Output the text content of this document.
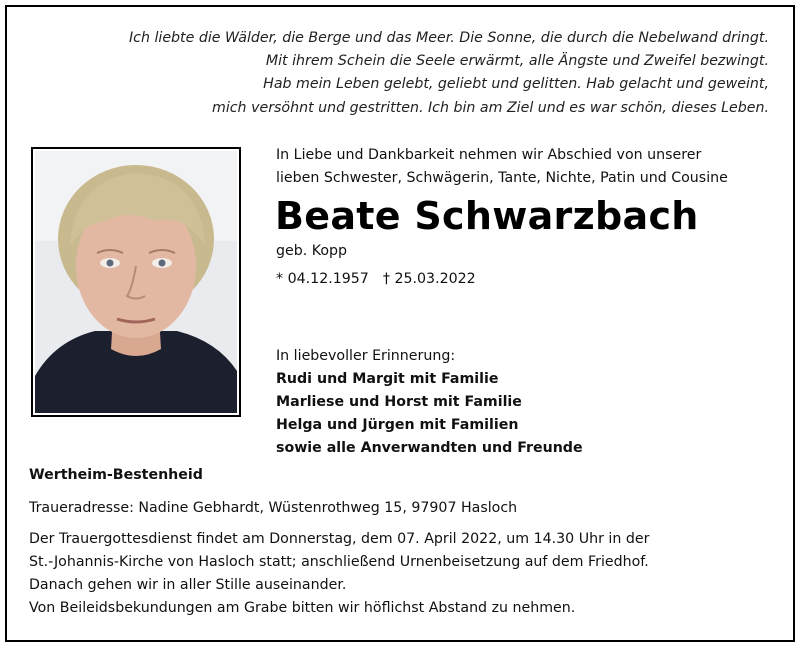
Ich liebte die Wälder, die Berge und das Meer. Die Sonne, die durch die Nebelwand dringt.
Mit ihrem Schein die Seele erwärmt, alle Ängste und Zweifel bezwingt.
Hab mein Leben gelebt, geliebt und gelitten. Hab gelacht und geweint,
mich versöhnt und gestritten. Ich bin am Ziel und es war schön, dieses Leben.
In Liebe und Dankbarkeit nehmen wir Abschied von unserer
lieben Schwester, Schwägerin, Tante, Nichte, Patin und Cousine
Beate Schwarzbach
geb. Kopp
* 04.12.1957 † 25.03.2022
In liebevoller Erinnerung:
Rudi und Margit mit Familie
Marliese und Horst mit Familie
Helga und Jürgen mit Familien
sowie alle Anverwandten und Freunde
Wertheim-Bestenheid
Traueradresse: Nadine Gebhardt, Wüstenrothweg 15, 97907 Hasloch
Der Trauergottesdienst findet am Donnerstag, dem 07. April 2022, um 14.30 Uhr in der
St.-Johannis-Kirche von Hasloch statt; anschließend Urnenbeisetzung auf dem Friedhof.
Danach gehen wir in aller Stille auseinander.
Von Beileidsbekundungen am Grabe bitten wir höflichst Abstand zu nehmen.
